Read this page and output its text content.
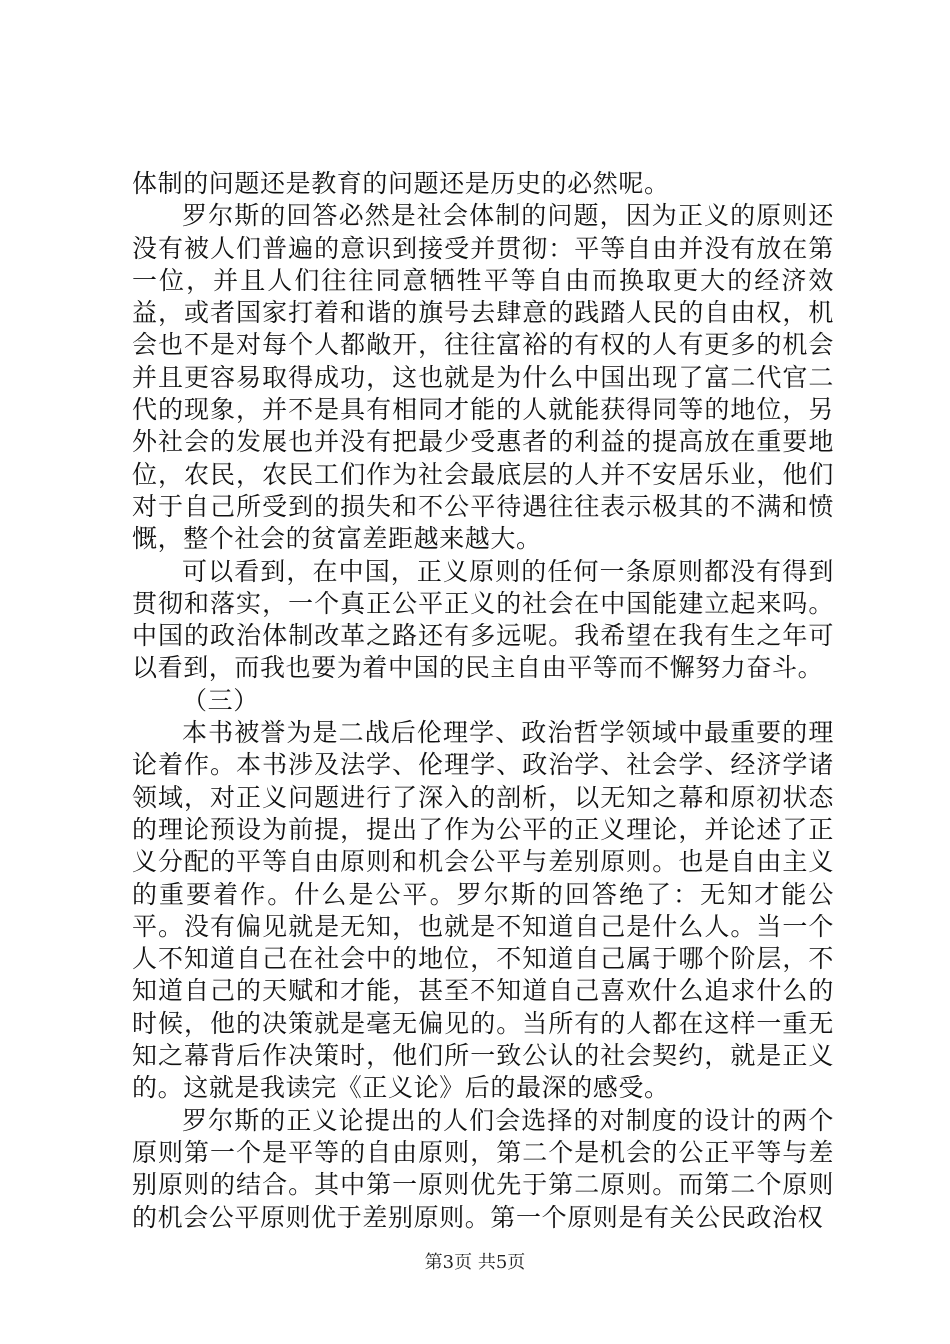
体制的问题还是教育的问题还是历史的必然呢。

罗尔斯的回答必然是社会体制的问题，因为正义的原则还没有被人们普遍的意识到接受并贯彻：平等自由并没有放在第一位，并且人们往往同意牺牲平等自由而换取更大的经济效益，或者国家打着和谐的旗号去肆意的践踏人民的自由权，机会也不是对每个人都敞开，往往富裕的有权的人有更多的机会并且更容易取得成功，这也就是为什么中国出现了富二代官二代的现象，并不是具有相同才能的人就能获得同等的地位，另外社会的发展也并没有把最少受惠者的利益的提高放在重要地位，农民，农民工们作为社会最底层的人并不安居乐业，他们对于自己所受到的损失和不公平待遇往往表示极其的不满和愤慨，整个社会的贫富差距越来越大。

可以看到，在中国，正义原则的任何一条原则都没有得到贯彻和落实，一个真正公平正义的社会在中国能建立起来吗。中国的政治体制改革之路还有多远呢。我希望在我有生之年可以看到，而我也要为着中国的民主自由平等而不懈努力奋斗。

（三）

本书被誉为是二战后伦理学、政治哲学领域中最重要的理论着作。本书涉及法学、伦理学、政治学、社会学、经济学诸领域，对正义问题进行了深入的剖析，以无知之幕和原初状态的理论预设为前提，提出了作为公平的正义理论，并论述了正义分配的平等自由原则和机会公平与差别原则。也是自由主义的重要着作。什么是公平。罗尔斯的回答绝了：无知才能公平。没有偏见就是无知，也就是不知道自己是什么人。当一个人不知道自己在社会中的地位，不知道自己属于哪个阶层，不知道自己的天赋和才能，甚至不知道自己喜欢什么追求什么的时候，他的决策就是毫无偏见的。当所有的人都在这样一重无知之幕背后作决策时，他们所一致公认的社会契约，就是正义的。这就是我读完《正义论》后的最深的感受。

罗尔斯的正义论提出的人们会选择的对制度的设计的两个原则第一个是平等的自由原则，第二个是机会的公正平等与差别原则的结合。其中第一原则优先于第二原则。而第二个原则的机会公平原则优于差别原则。第一个原则是有关公民政治权

第3页 共5页
